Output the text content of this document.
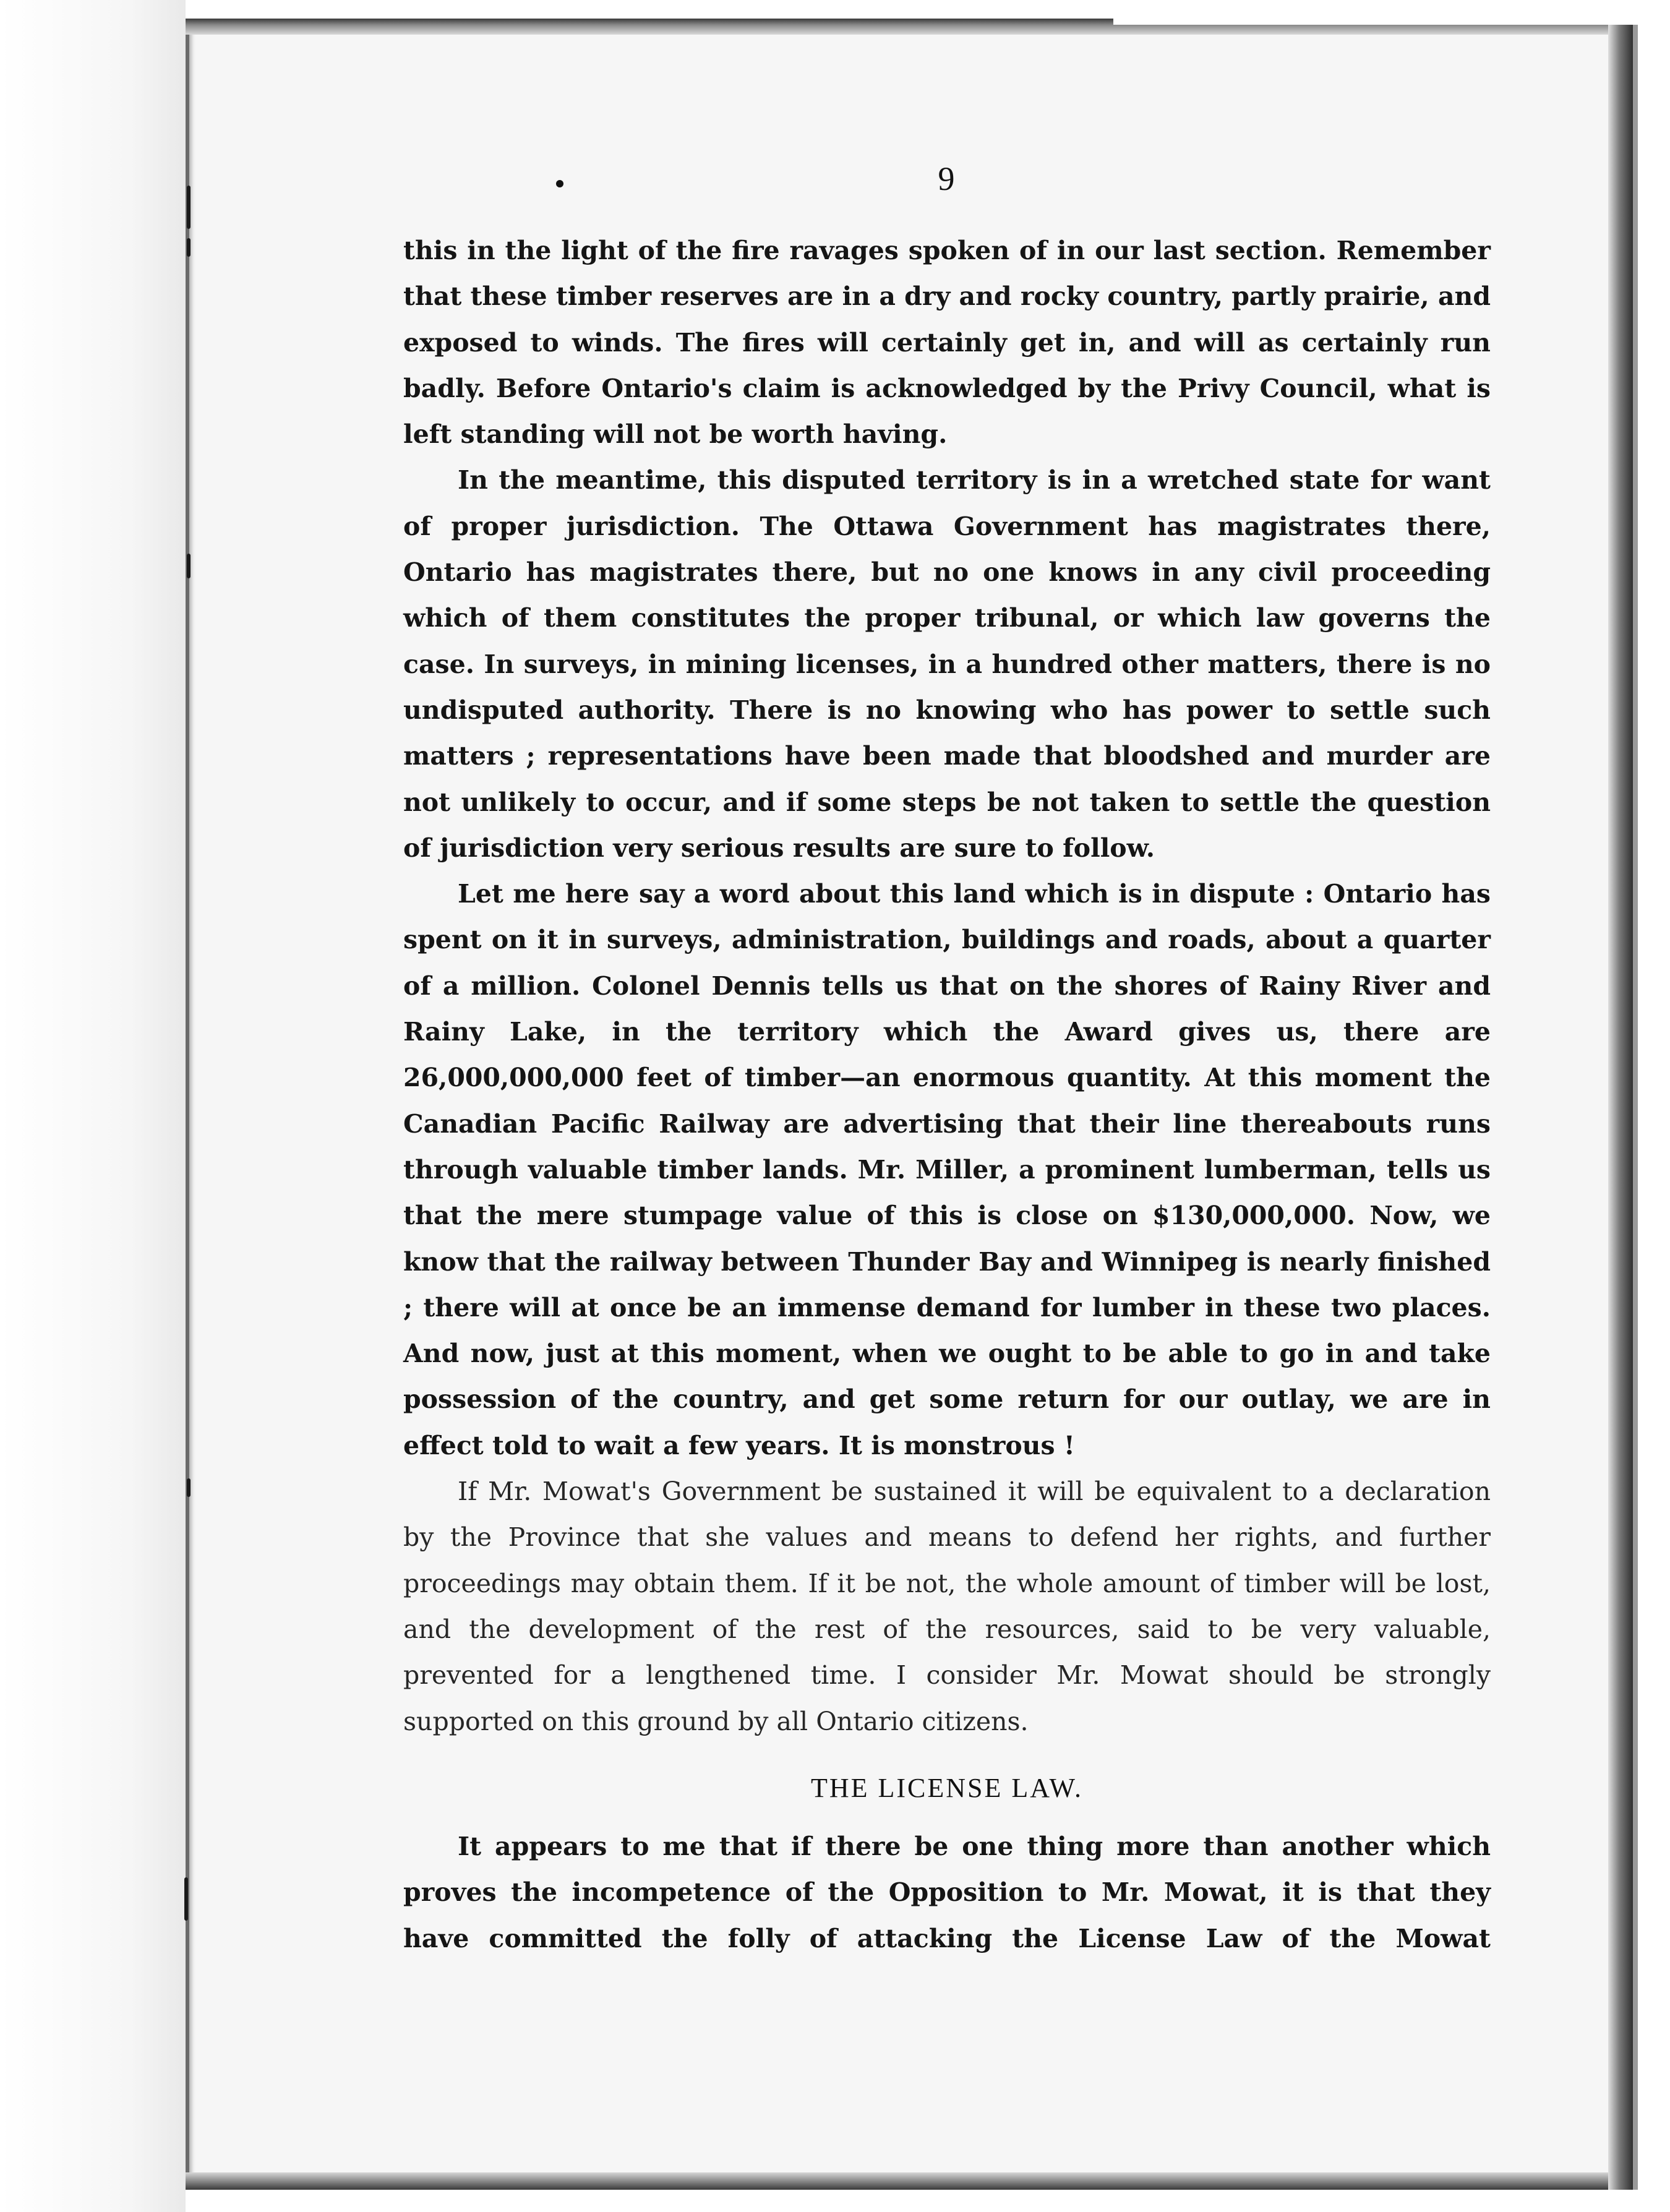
9

this in the light of the fire ravages spoken of in our last section. Remember that these timber reserves are in a dry and rocky country, partly prairie, and exposed to winds. The fires will certainly get in, and will as certainly run badly. Before Ontario's claim is acknowledged by the Privy Council, what is left standing will not be worth having.

In the meantime, this disputed territory is in a wretched state for want of proper jurisdiction. The Ottawa Government has magistrates there, Ontario has magistrates there, but no one knows in any civil proceeding which of them constitutes the proper tribunal, or which law governs the case. In surveys, in mining licenses, in a hundred other matters, there is no undisputed authority. There is no knowing who has power to settle such matters ; representations have been made that bloodshed and murder are not unlikely to occur, and if some steps be not taken to settle the question of jurisdiction very serious results are sure to follow.

Let me here say a word about this land which is in dispute : Ontario has spent on it in surveys, administration, buildings and roads, about a quarter of a million. Colonel Dennis tells us that on the shores of Rainy River and Rainy Lake, in the territory which the Award gives us, there are 26,000,000,000 feet of timber—an enormous quantity. At this moment the Canadian Pacific Railway are advertising that their line thereabouts runs through valuable timber lands. Mr. Miller, a prominent lumberman, tells us that the mere stumpage value of this is close on $130,000,000. Now, we know that the railway between Thunder Bay and Winnipeg is nearly finished ; there will at once be an immense demand for lumber in these two places. And now, just at this moment, when we ought to be able to go in and take possession of the country, and get some return for our outlay, we are in effect told to wait a few years. It is monstrous !

If Mr. Mowat's Government be sustained it will be equivalent to a declaration by the Province that she values and means to defend her rights, and further proceedings may obtain them. If it be not, the whole amount of timber will be lost, and the development of the rest of the resources, said to be very valuable, prevented for a lengthened time. I consider Mr. Mowat should be strongly supported on this ground by all Ontario citizens.

THE LICENSE LAW.

It appears to me that if there be one thing more than another which proves the incompetence of the Opposition to Mr. Mowat, it is that they have committed the folly of attacking the License Law of the Mowat
